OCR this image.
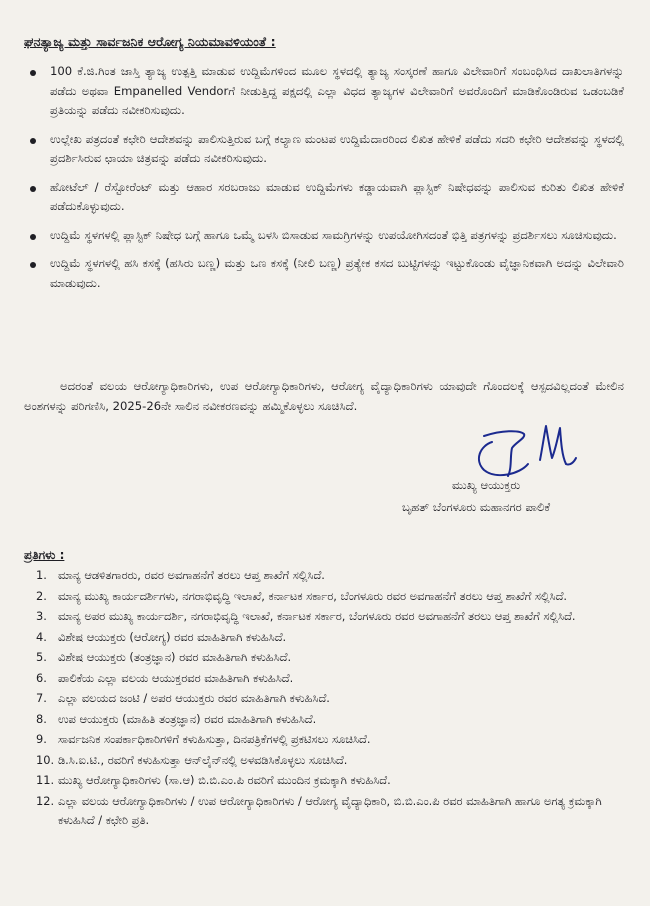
ಘನತ್ಯಾಜ್ಯ ಮತ್ತು ಸಾರ್ವಜನಿಕ ಆರೋಗ್ಯ ನಿಯಮಾವಳಿಯಂತೆ :
100 ಕೆ.ಜಿ.ಗಿಂತ ಜಾಸ್ತಿ ತ್ಯಾಜ್ಯ ಉತ್ಪತ್ತಿ ಮಾಡುವ ಉದ್ದಿಮೆಗಳಿಂದ ಮೂಲ ಸ್ಥಳದಲ್ಲಿ ತ್ಯಾಜ್ಯ ಸಂಸ್ಕರಣೆ ಹಾಗೂ ವಿಲೇವಾರಿಗೆ ಸಂಬಂಧಿಸಿದ ದಾಖಲಾತಿಗಳನ್ನು ಪಡೆದು ಅಥವಾ Empanelled Vendorಗೆ ನೀಡುತ್ತಿದ್ದ ಪಕ್ಷದಲ್ಲಿ ಎಲ್ಲಾ ವಿಧದ ತ್ಯಾಜ್ಯಗಳ ವಿಲೇವಾರಿಗೆ ಅವರೊಂದಿಗೆ ಮಾಡಿಕೊಂಡಿರುವ ಒಡಂಬಡಿಕೆ ಪ್ರತಿಯನ್ನು ಪಡೆದು ನವೀಕರಿಸುವುದು.
ಉಲ್ಲೇಖ ಪತ್ರದಂತೆ ಕಛೇರಿ ಆದೇಶವನ್ನು ಪಾಲಿಸುತ್ತಿರುವ ಬಗ್ಗೆ ಕಲ್ಯಾಣ ಮಂಟಪ ಉದ್ದಿಮೆದಾರರಿಂದ ಲಿಖಿತ ಹೇಳಿಕೆ ಪಡೆದು ಸದರಿ ಕಛೇರಿ ಆದೇಶವನ್ನು ಸ್ಥಳದಲ್ಲಿ ಪ್ರದರ್ಶಿಸಿರುವ ಛಾಯಾ ಚಿತ್ರವನ್ನು ಪಡೆದು ನವೀಕರಿಸುವುದು.
ಹೋಟೆಲ್ / ರೆಸ್ಟೋರೆಂಟ್ ಮತ್ತು ಆಹಾರ ಸರಬರಾಜು ಮಾಡುವ ಉದ್ದಿಮೆಗಳು ಕಡ್ಡಾಯವಾಗಿ ಪ್ಲಾಸ್ಟಿಕ್ ನಿಷೇಧವನ್ನು ಪಾಲಿಸುವ ಕುರಿತು ಲಿಖಿತ ಹೇಳಿಕೆ ಪಡೆದುಕೊಳ್ಳುವುದು.
ಉದ್ದಿಮೆ ಸ್ಥಳಗಳಲ್ಲಿ ಪ್ಲಾಸ್ಟಿಕ್ ನಿಷೇಧ ಬಗ್ಗೆ ಹಾಗೂ ಒಮ್ಮೆ ಬಳಸಿ ಬಿಸಾಡುವ ಸಾಮಗ್ರಿಗಳನ್ನು ಉಪಯೋಗಿಸದಂತೆ ಭಿತ್ತಿ ಪತ್ರಗಳನ್ನು ಪ್ರದರ್ಶಿಸಲು ಸೂಚಿಸುವುದು.
ಉದ್ದಿಮೆ ಸ್ಥಳಗಳಲ್ಲಿ ಹಸಿ ಕಸಕ್ಕೆ (ಹಸಿರು ಬಣ್ಣ) ಮತ್ತು ಒಣ ಕಸಕ್ಕೆ (ನೀಲಿ ಬಣ್ಣ) ಪ್ರತ್ಯೇಕ ಕಸದ ಬುಟ್ಟಿಗಳನ್ನು ಇಟ್ಟುಕೊಂಡು ವೈಜ್ಞಾನಿಕವಾಗಿ ಅದನ್ನು ವಿಲೇವಾರಿ ಮಾಡುವುದು.

ಅದರಂತೆ ವಲಯ ಆರೋಗ್ಯಾಧಿಕಾರಿಗಳು, ಉಪ ಆರೋಗ್ಯಾಧಿಕಾರಿಗಳು, ಆರೋಗ್ಯ ವೈದ್ಯಾಧಿಕಾರಿಗಳು ಯಾವುದೇ ಗೊಂದಲಕ್ಕೆ ಆಸ್ಪದವಿಲ್ಲದಂತೆ ಮೇಲಿನ ಅಂಶಗಳನ್ನು ಪರಿಗಣಿಸಿ, 2025-26ನೇ ಸಾಲಿನ ನವೀಕರಣವನ್ನು ಹಮ್ಮಿಕೊಳ್ಳಲು ಸೂಚಿಸಿದೆ.

ಮುಖ್ಯ ಆಯುಕ್ತರು
ಬೃಹತ್ ಬೆಂಗಳೂರು ಮಹಾನಗರ ಪಾಲಿಕೆ
ಪ್ರತಿಗಳು :
1. ಮಾನ್ಯ ಆಡಳಿತಗಾರರು, ರವರ ಅವಗಾಹನೆಗೆ ತರಲು ಆಪ್ತ ಶಾಖೆಗೆ ಸಲ್ಲಿಸಿದೆ.
2. ಮಾನ್ಯ ಮುಖ್ಯ ಕಾರ್ಯದರ್ಶಿಗಳು, ನಗರಾಭಿವೃದ್ಧಿ ಇಲಾಖೆ, ಕರ್ನಾಟಕ ಸರ್ಕಾರ, ಬೆಂಗಳೂರು ರವರ ಅವಗಾಹನೆಗೆ ತರಲು ಆಪ್ತ ಶಾಖೆಗೆ ಸಲ್ಲಿಸಿದೆ.
3. ಮಾನ್ಯ ಅಪರ ಮುಖ್ಯ ಕಾರ್ಯದರ್ಶಿ, ನಗರಾಭಿವೃದ್ಧಿ ಇಲಾಖೆ, ಕರ್ನಾಟಕ ಸರ್ಕಾರ, ಬೆಂಗಳೂರು ರವರ ಅವಗಾಹನೆಗೆ ತರಲು ಆಪ್ತ ಶಾಖೆಗೆ ಸಲ್ಲಿಸಿದೆ.
4. ವಿಶೇಷ ಆಯುಕ್ತರು (ಆರೋಗ್ಯ) ರವರ ಮಾಹಿತಿಗಾಗಿ ಕಳುಹಿಸಿದೆ.
5. ವಿಶೇಷ ಆಯುಕ್ತರು (ತಂತ್ರಜ್ಞಾನ) ರವರ ಮಾಹಿತಿಗಾಗಿ ಕಳುಹಿಸಿದೆ.
6. ಪಾಲಿಕೆಯ ಎಲ್ಲಾ ವಲಯ ಆಯುಕ್ತರವರ ಮಾಹಿತಿಗಾಗಿ ಕಳುಹಿಸಿದೆ.
7. ಎಲ್ಲಾ ವಲಯದ ಜಂಟಿ / ಅಪರ ಆಯುಕ್ತರು ರವರ ಮಾಹಿತಿಗಾಗಿ ಕಳುಹಿಸಿದೆ.
8. ಉಪ ಆಯುಕ್ತರು (ಮಾಹಿತಿ ತಂತ್ರಜ್ಞಾನ) ರವರ ಮಾಹಿತಿಗಾಗಿ ಕಳುಹಿಸಿದೆ.
9. ಸಾರ್ವಜನಿಕ ಸಂಪರ್ಕಾಧಿಕಾರಿಗಳಿಗೆ ಕಳುಹಿಸುತ್ತಾ, ದಿನಪತ್ರಿಕೆಗಳಲ್ಲಿ ಪ್ರಕಟಿಸಲು ಸೂಚಿಸಿದೆ.
10. ಡಿ.ಸಿ.ಐ.ಟಿ., ರವರಿಗೆ ಕಳುಹಿಸುತ್ತಾ ಆನ್‌ಲೈನ್‌ನಲ್ಲಿ ಅಳವಡಿಸಿಕೊಳ್ಳಲು ಸೂಚಿಸಿದೆ.
11. ಮುಖ್ಯ ಆರೋಗ್ಯಾಧಿಕಾರಿಗಳು (ಸಾ.ಆ) ಬಿ.ಬಿ.ಎಂ.ಪಿ ರವರಿಗೆ ಮುಂದಿನ ಕ್ರಮಕ್ಕಾಗಿ ಕಳುಹಿಸಿದೆ.
12. ಎಲ್ಲಾ ವಲಯ ಆರೋಗ್ಯಾಧಿಕಾರಿಗಳು / ಉಪ ಆರೋಗ್ಯಾಧಿಕಾರಿಗಳು / ಆರೋಗ್ಯ ವೈದ್ಯಾಧಿಕಾರಿ, ಬಿ.ಬಿ.ಎಂ.ಪಿ ರವರ ಮಾಹಿತಿಗಾಗಿ ಹಾಗೂ ಅಗತ್ಯ ಕ್ರಮಕ್ಕಾಗಿ ಕಳುಹಿಸಿದೆ / ಕಛೇರಿ ಪ್ರತಿ.
